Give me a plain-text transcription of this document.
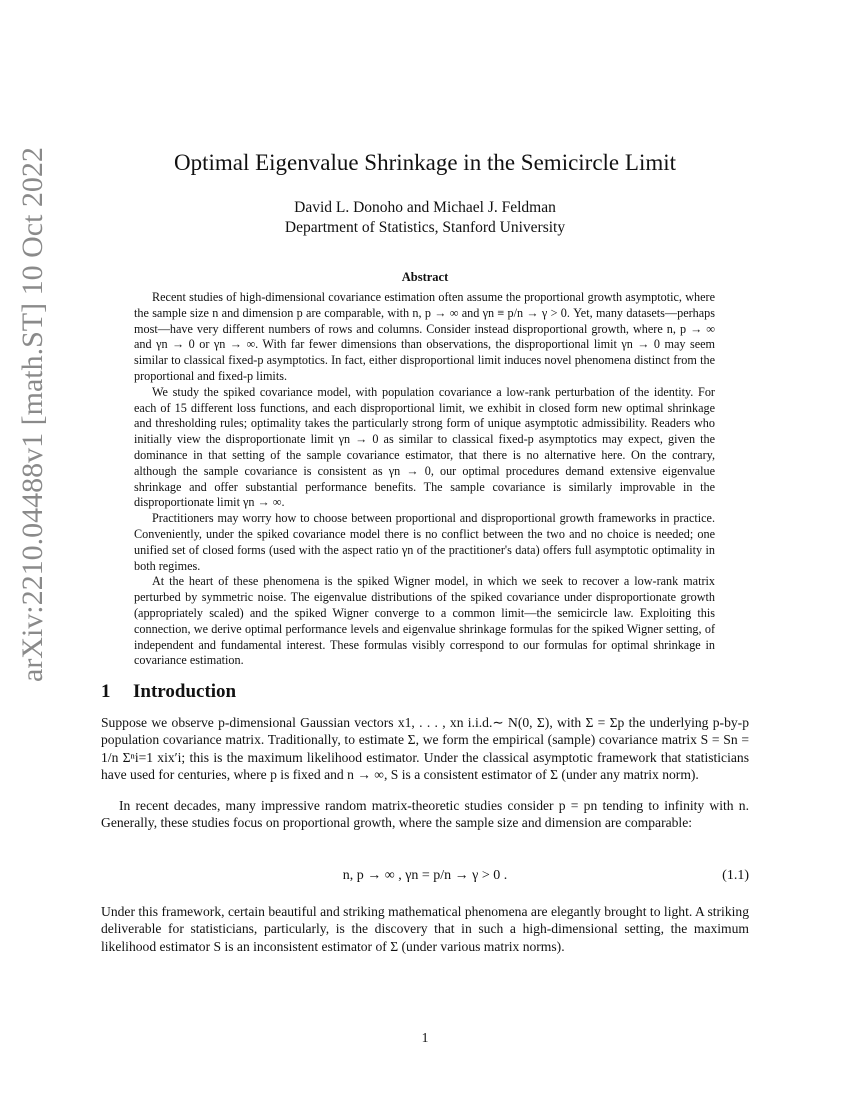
arXiv:2210.04488v1 [math.ST] 10 Oct 2022	Optimal Eigenvalue Shrinkage in the Semicircle Limit
David L. Donoho and Michael J. Feldman
Department of Statistics, Stanford University
Abstract

Recent studies of high-dimensional covariance estimation often assume the proportional growth asymptotic, where the sample size n and dimension p are comparable, with n, p → ∞ and γn ≡ p/n → γ > 0. Yet, many datasets—perhaps most—have very different numbers of rows and columns. Consider instead disproportional growth, where n, p → ∞ and γn → 0 or γn → ∞. With far fewer dimensions than observations, the disproportional limit γn → 0 may seem similar to classical fixed-p asymptotics. In fact, either disproportional limit induces novel phenomena distinct from the proportional and fixed-p limits.

We study the spiked covariance model, with population covariance a low-rank perturbation of the identity. For each of 15 different loss functions, and each disproportional limit, we exhibit in closed form new optimal shrinkage and thresholding rules; optimality takes the particularly strong form of unique asymptotic admissibility. Readers who initially view the disproportionate limit γn → 0 as similar to classical fixed-p asymptotics may expect, given the dominance in that setting of the sample covariance estimator, that there is no alternative here. On the contrary, although the sample covariance is consistent as γn → 0, our optimal procedures demand extensive eigenvalue shrinkage and offer substantial performance benefits. The sample covariance is similarly improvable in the disproportionate limit γn → ∞.

Practitioners may worry how to choose between proportional and disproportional growth frameworks in practice. Conveniently, under the spiked covariance model there is no conflict between the two and no choice is needed; one unified set of closed forms (used with the aspect ratio γn of the practitioner's data) offers full asymptotic optimality in both regimes.

At the heart of these phenomena is the spiked Wigner model, in which we seek to recover a low-rank matrix perturbed by symmetric noise. The eigenvalue distributions of the spiked covariance under disproportionate growth (appropriately scaled) and the spiked Wigner converge to a common limit—the semicircle law. Exploiting this connection, we derive optimal performance levels and eigenvalue shrinkage formulas for the spiked Wigner setting, of independent and fundamental interest. These formulas visibly correspond to our formulas for optimal shrinkage in covariance estimation.

1 Introduction

Suppose we observe p-dimensional Gaussian vectors x1, . . . , xn i.i.d.∼ N(0, Σ), with Σ = Σp the underlying p-by-p population covariance matrix. Traditionally, to estimate Σ, we form the empirical (sample) covariance matrix S = Sn = 1/n Σⁿi=1 xix′i; this is the maximum likelihood estimator. Under the classical asymptotic framework that statisticians have used for centuries, where p is fixed and n → ∞, S is a consistent estimator of Σ (under any matrix norm).

In recent decades, many impressive random matrix-theoretic studies consider p = pn tending to infinity with n. Generally, these studies focus on proportional growth, where the sample size and dimension are comparable:

n, p → ∞ , γn = p/n → γ > 0 .	(1.1)

Under this framework, certain beautiful and striking mathematical phenomena are elegantly brought to light. A striking deliverable for statisticians, particularly, is the discovery that in such a high-dimensional setting, the maximum likelihood estimator S is an inconsistent estimator of Σ (under various matrix norms).

1
